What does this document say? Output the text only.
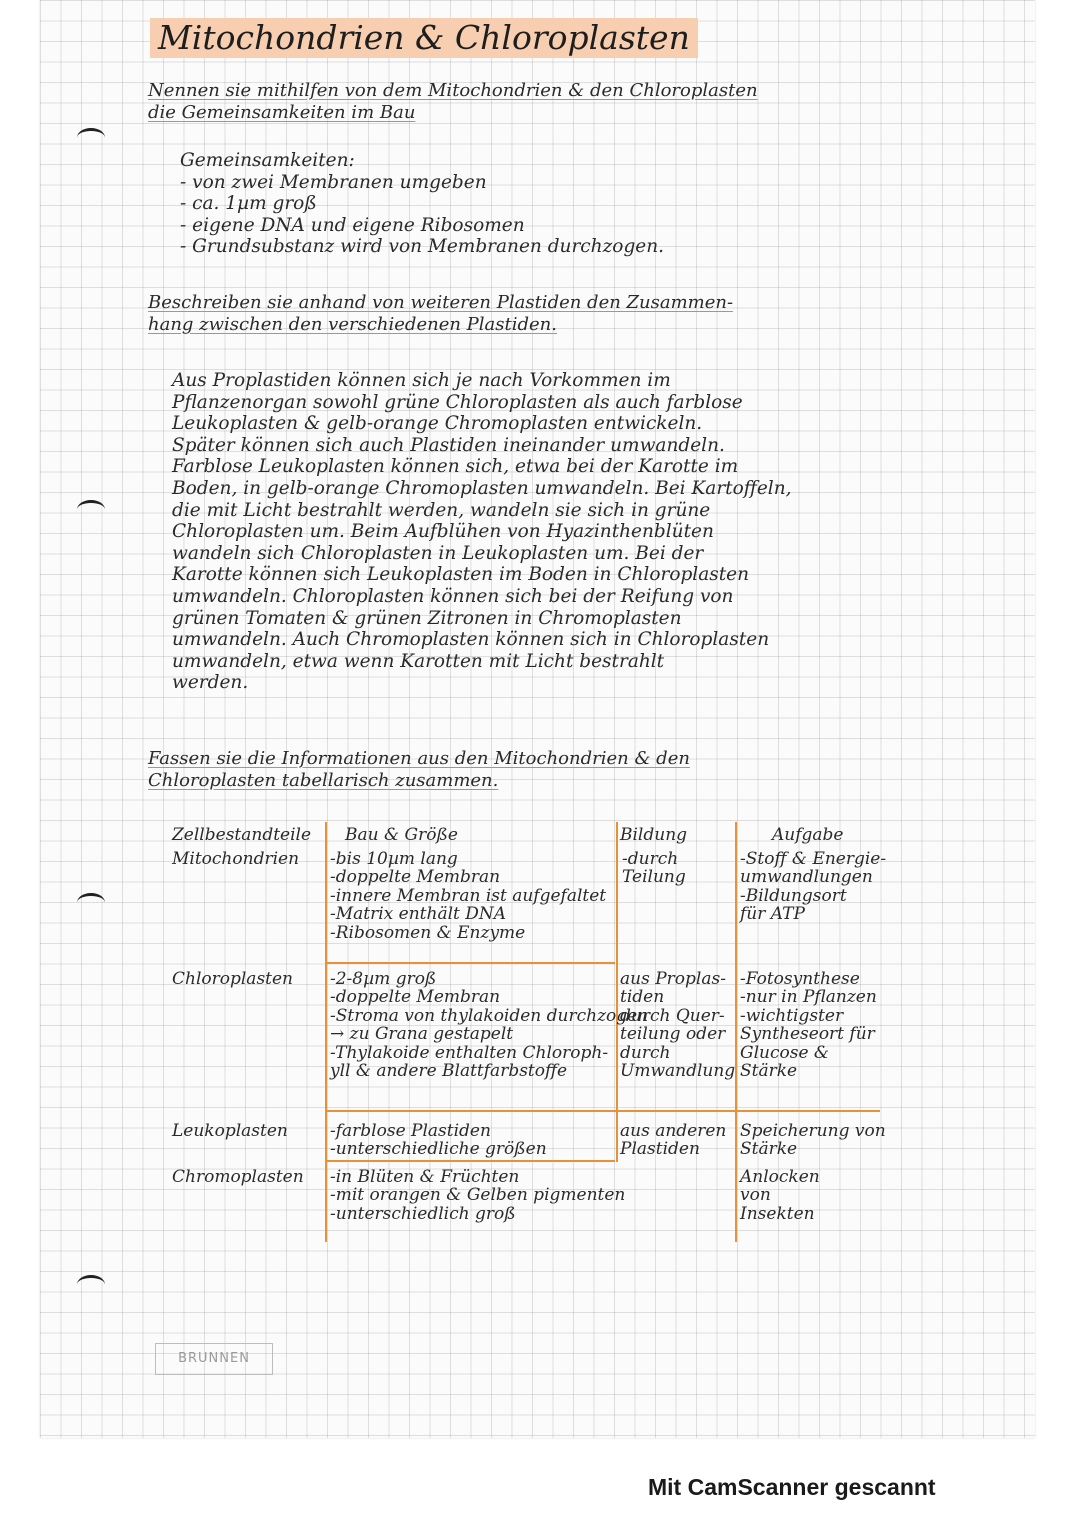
Mitochondrien & Chloroplasten
Nennen sie mithilfen von dem Mitochondrien & den Chloroplasten
die Gemeinsamkeiten im Bau
Gemeinsamkeiten:
- von zwei Membranen umgeben
- ca. 1µm groß
- eigene DNA und eigene Ribosomen
- Grundsubstanz wird von Membranen durchzogen.
Beschreiben sie anhand von weiteren Plastiden den Zusammen-
hang zwischen den verschiedenen Plastiden.
Aus Proplastiden können sich je nach Vorkommen im
Pflanzenorgan sowohl grüne Chloroplasten als auch farblose
Leukoplasten & gelb-orange Chromoplasten entwickeln.
Später können sich auch Plastiden ineinander umwandeln.
Farblose Leukoplasten können sich, etwa bei der Karotte im
Boden, in gelb-orange Chromoplasten umwandeln. Bei Kartoffeln,
die mit Licht bestrahlt werden, wandeln sie sich in grüne
Chloroplasten um. Beim Aufblühen von Hyazinthenblüten
wandeln sich Chloroplasten in Leukoplasten um. Bei der
Karotte können sich Leukoplasten im Boden in Chloroplasten
umwandeln. Chloroplasten können sich bei der Reifung von
grünen Tomaten & grünen Zitronen in Chromoplasten
umwandeln. Auch Chromoplasten können sich in Chloroplasten
umwandeln, etwa wenn Karotten mit Licht bestrahlt
werden.
Fassen sie die Informationen aus den Mitochondrien & den
Chloroplasten tabellarisch zusammen.
Zellbestandteile Bau & Größe	Bildung	Aufgabe
Mitochondrien -bis 10µm lang
-doppelte Membran
-innere Membran ist aufgefaltet
-Matrix enthält DNA
-Ribosomen & Enzyme
-durch
Teilung
-Stoff & Energie-
umwandlungen
-Bildungsort
für ATP
Chloroplasten -2-8µm groß
-doppelte Membran
-Stroma von thylakoiden durchzogen
→ zu Grana gestapelt
-Thylakoide enthalten Chloroph-
yll & andere Blattfarbstoffe
aus Proplas-
tiden
durch Quer-
teilung oder
durch
Umwandlung
-Fotosynthese
-nur in Pflanzen
-wichtigster
Syntheseort für
Glucose &
Stärke
Leukoplasten -farblose Plastiden
-unterschiedliche größen
aus anderen
Plastiden
Speicherung von
Stärke
Chromoplasten -in Blüten & Früchten
-mit orangen & Gelben pigmenten
-unterschiedlich groß
Anlocken
von
Insekten
BRUNNEN
Mit CamScanner gescannt
